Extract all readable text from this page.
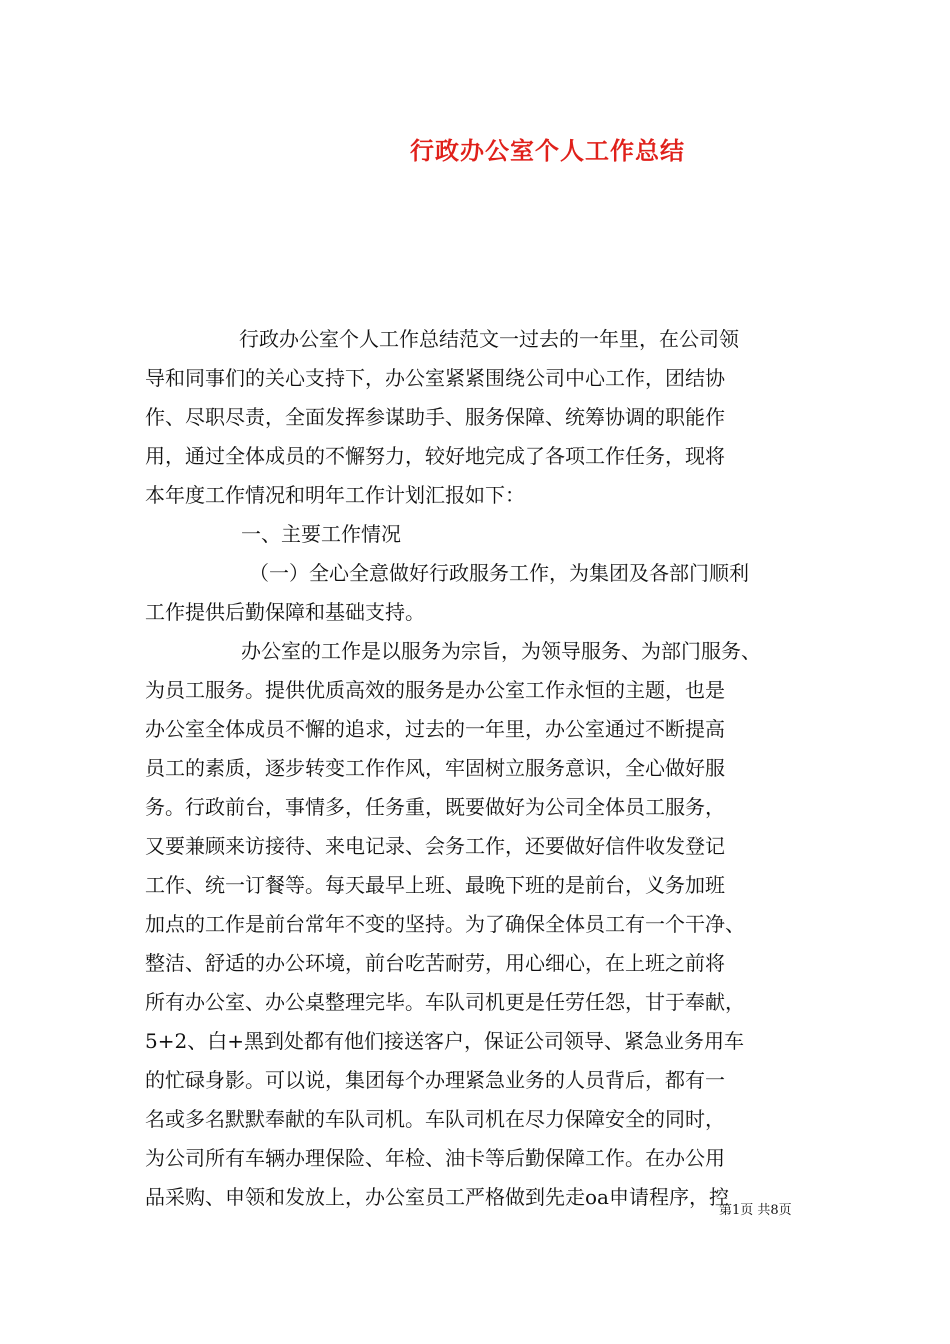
行政办公室个人工作总结
行政办公室个人工作总结范文一过去的一年里，在公司领
导和同事们的关心支持下，办公室紧紧围绕公司中心工作，团结协
作、尽职尽责，全面发挥参谋助手、服务保障、统筹协调的职能作
用，通过全体成员的不懈努力，较好地完成了各项工作任务，现将
本年度工作情况和明年工作计划汇报如下：
一、主要工作情况
（一）全心全意做好行政服务工作，为集团及各部门顺利
工作提供后勤保障和基础支持。
办公室的工作是以服务为宗旨，为领导服务、为部门服务、
为员工服务。提供优质高效的服务是办公室工作永恒的主题，也是
办公室全体成员不懈的追求，过去的一年里，办公室通过不断提高
员工的素质，逐步转变工作作风，牢固树立服务意识，全心做好服
务。行政前台，事情多，任务重，既要做好为公司全体员工服务，
又要兼顾来访接待、来电记录、会务工作，还要做好信件收发登记
工作、统一订餐等。每天最早上班、最晚下班的是前台，义务加班
加点的工作是前台常年不变的坚持。为了确保全体员工有一个干净、
整洁、舒适的办公环境，前台吃苦耐劳，用心细心，在上班之前将
所有办公室、办公桌整理完毕。车队司机更是任劳任怨，甘于奉献，
5+2、白+黑到处都有他们接送客户，保证公司领导、紧急业务用车
的忙碌身影。可以说，集团每个办理紧急业务的人员背后，都有一
名或多名默默奉献的车队司机。车队司机在尽力保障安全的同时，
为公司所有车辆办理保险、年检、油卡等后勤保障工作。在办公用
品采购、申领和发放上，办公室员工严格做到先走oa申请程序，控
第1页 共8页
